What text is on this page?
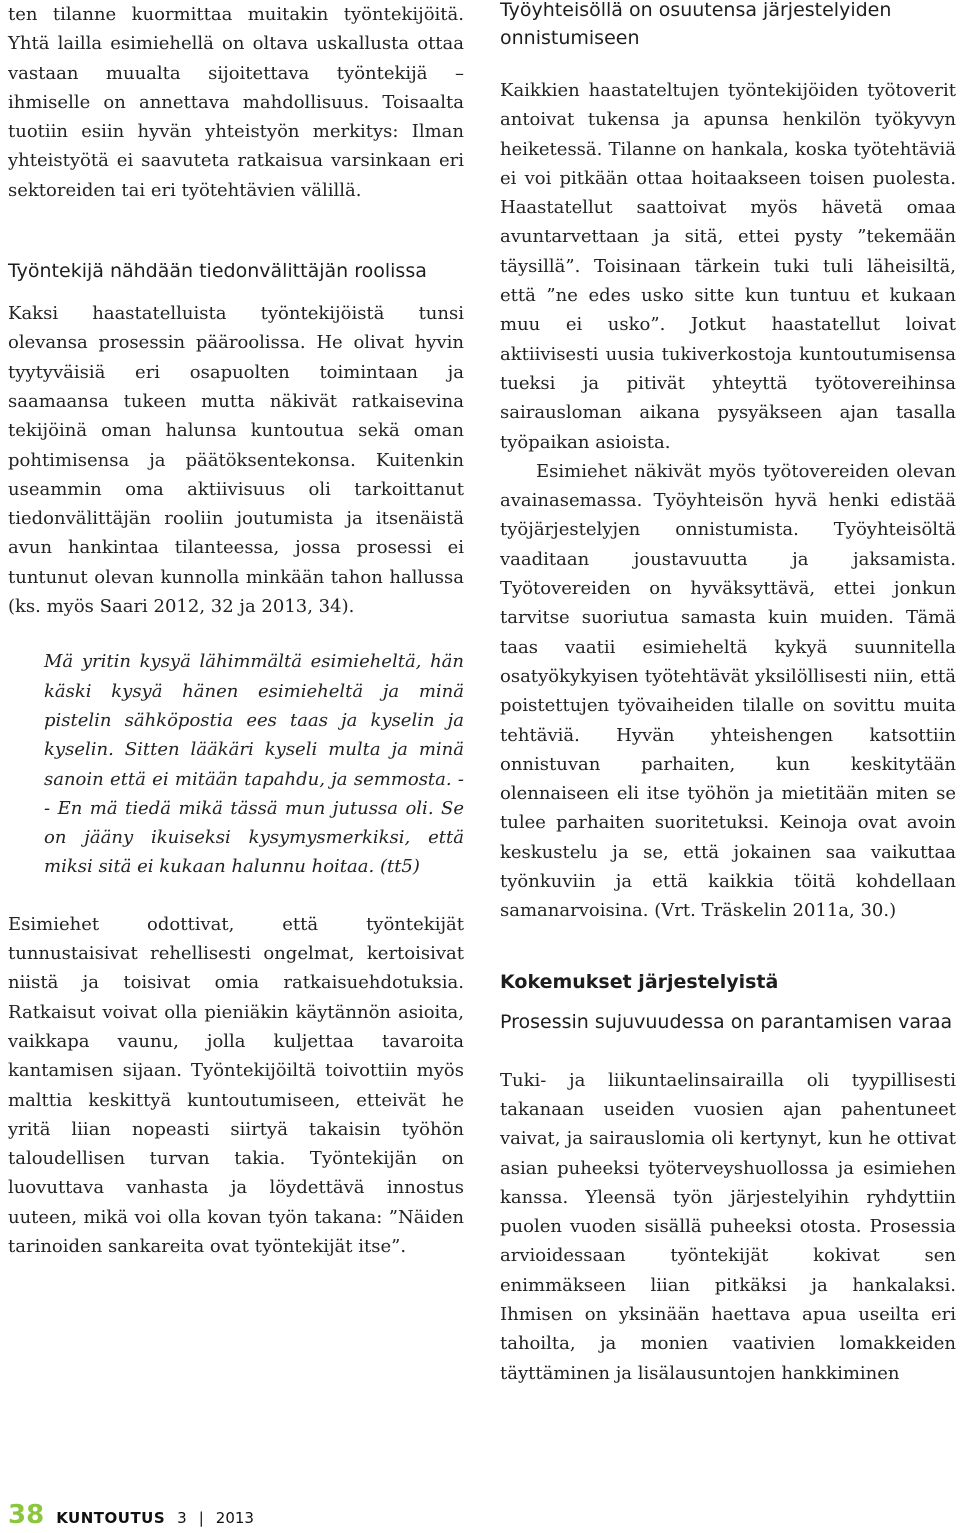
ten tilanne kuormittaa muitakin työntekijöitä. Yhtä lailla esimiehellä on oltava uskallusta ottaa vastaan muualta sijoitettava työntekijä – ihmiselle on annettava mahdollisuus. Toisaalta tuotiin esiin hyvän yhteistyön merkitys: Ilman yhteistyötä ei saavuteta ratkaisua varsinkaan eri sektoreiden tai eri työtehtävien välillä.

Työntekijä nähdään tiedonvälittäjän roolissa

Kaksi haastatelluista työntekijöistä tunsi olevansa prosessin pääroolissa. He olivat hyvin tyytyväisiä eri osapuolten toimintaan ja saamaansa tukeen mutta näkivät ratkaisevina tekijöinä oman halunsa kuntoutua sekä oman pohtimisensa ja päätöksentekonsa. Kuitenkin useammin oma aktiivisuus oli tarkoittanut tiedonvälittäjän rooliin joutumista ja itsenäistä avun hankintaa tilanteessa, jossa prosessi ei tuntunut olevan kunnolla minkään tahon hallussa (ks. myös Saari 2012, 32 ja 2013, 34).

Mä yritin kysyä lähimmältä esimieheltä, hän käski kysyä hänen esimieheltä ja minä pistelin sähköpostia ees taas ja kyselin ja kyselin. Sitten lääkäri kyseli multa ja minä sanoin että ei mitään tapahdu, ja semmosta. - - En mä tiedä mikä tässä mun jutussa oli. Se on jääny ikuiseksi kysymysmerkiksi, että miksi sitä ei kukaan halunnu hoitaa. (tt5)

Esimiehet odottivat, että työntekijät tunnustaisivat rehellisesti ongelmat, kertoisivat niistä ja toisivat omia ratkaisuehdotuksia. Ratkaisut voivat olla pieniäkin käytännön asioita, vaikkapa vaunu, jolla kuljettaa tavaroita kantamisen sijaan. Työntekijöiltä toivottiin myös malttia keskittyä kuntoutumiseen, etteivät he yritä liian nopeasti siirtyä takaisin työhön taloudellisen turvan takia. Työntekijän on luovuttava vanhasta ja löydettävä innostus uuteen, mikä voi olla kovan työn takana: ”Näiden tarinoiden sankareita ovat työntekijät itse”.

Työyhteisöllä on osuutensa järjestelyiden onnistumiseen

Kaikkien haastateltujen työntekijöiden työtoverit antoivat tukensa ja apunsa henkilön työkyvyn heiketessä. Tilanne on hankala, koska työtehtäviä ei voi pitkään ottaa hoitaakseen toisen puolesta. Haastatellut saattoivat myös hävetä omaa avuntarvettaan ja sitä, ettei pysty ”tekemään täysillä”. Toisinaan tärkein tuki tuli läheisiltä, että ”ne edes usko sitte kun tuntuu et kukaan muu ei usko”. Jotkut haastatellut loivat aktiivisesti uusia tukiverkostoja kuntoutumisensa tueksi ja pitivät yhteyttä työtovereihinsa sairausloman aikana pysyäkseen ajan tasalla työpaikan asioista.

Esimiehet näkivät myös työtovereiden olevan avainasemassa. Työyhteisön hyvä henki edistää työjärjestelyjen onnistumista. Työyhteisöltä vaaditaan joustavuutta ja jaksamista. Työtovereiden on hyväksyttävä, ettei jonkun tarvitse suoriutua samasta kuin muiden. Tämä taas vaatii esimieheltä kykyä suunnitella osatyökykyisen työtehtävät yksilöllisesti niin, että poistettujen työvaiheiden tilalle on sovittu muita tehtäviä. Hyvän yhteishengen katsottiin onnistuvan parhaiten, kun keskitytään olennaiseen eli itse työhön ja mietitään miten se tulee parhaiten suoritetuksi. Keinoja ovat avoin keskustelu ja se, että jokainen saa vaikuttaa työnkuviin ja että kaikkia töitä kohdellaan samanarvoisina. (Vrt. Träskelin 2011a, 30.)

Kokemukset järjestelyistä
Prosessin sujuvuudessa on parantamisen varaa

Tuki- ja liikuntaelinsairailla oli tyypillisesti takanaan useiden vuosien ajan pahentuneet vaivat, ja sairauslomia oli kertynyt, kun he ottivat asian puheeksi työterveyshuollossa ja esimiehen kanssa. Yleensä työn järjestelyihin ryhdyttiin puolen vuoden sisällä puheeksi otosta. Prosessia arvioidessaan työntekijät kokivat sen enimmäkseen liian pitkäksi ja hankalaksi. Ihmisen on yksinään haettava apua useilta eri tahoilta, ja monien vaativien lomakkeiden täyttäminen ja lisälausuntojen hankkiminen

38 KUNTOUTUS 3 | 2013
